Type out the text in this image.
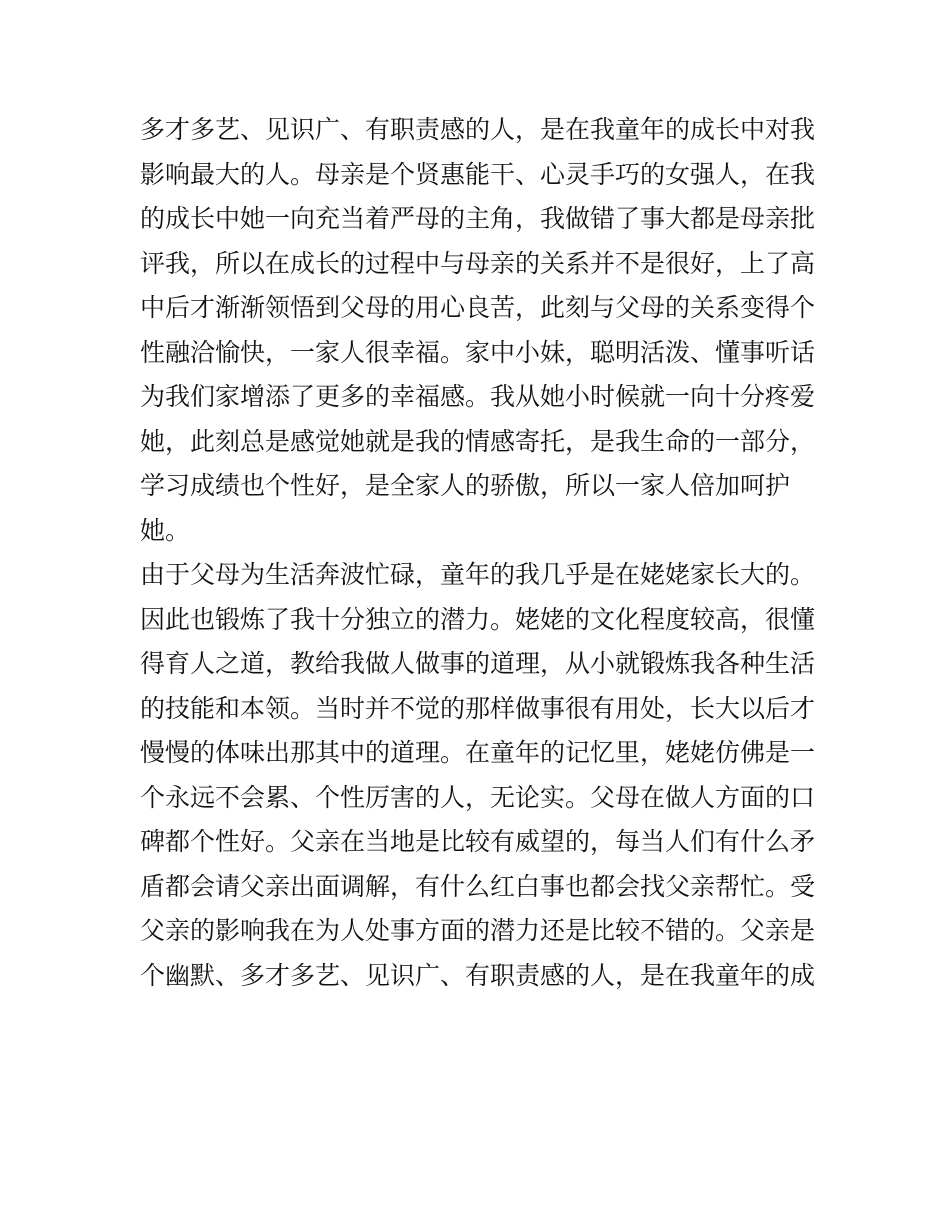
多才多艺、见识广、有职责感的人，是在我童年的成长中对我
影响最大的人。母亲是个贤惠能干、心灵手巧的女强人，在我
的成长中她一向充当着严母的主角，我做错了事大都是母亲批
评我，所以在成长的过程中与母亲的关系并不是很好，上了高
中后才渐渐领悟到父母的用心良苦，此刻与父母的关系变得个
性融洽愉快，一家人很幸福。家中小妹，聪明活泼、懂事听话
为我们家增添了更多的幸福感。我从她小时候就一向十分疼爱
她，此刻总是感觉她就是我的情感寄托，是我生命的一部分，
学习成绩也个性好，是全家人的骄傲，所以一家人倍加呵护
她。
由于父母为生活奔波忙碌，童年的我几乎是在姥姥家长大的。
因此也锻炼了我十分独立的潜力。姥姥的文化程度较高，很懂
得育人之道，教给我做人做事的道理，从小就锻炼我各种生活
的技能和本领。当时并不觉的那样做事很有用处，长大以后才
慢慢的体味出那其中的道理。在童年的记忆里，姥姥仿佛是一
个永远不会累、个性厉害的人，无论实。父母在做人方面的口
碑都个性好。父亲在当地是比较有威望的，每当人们有什么矛
盾都会请父亲出面调解，有什么红白事也都会找父亲帮忙。受
父亲的影响我在为人处事方面的潜力还是比较不错的。父亲是
个幽默、多才多艺、见识广、有职责感的人，是在我童年的成
